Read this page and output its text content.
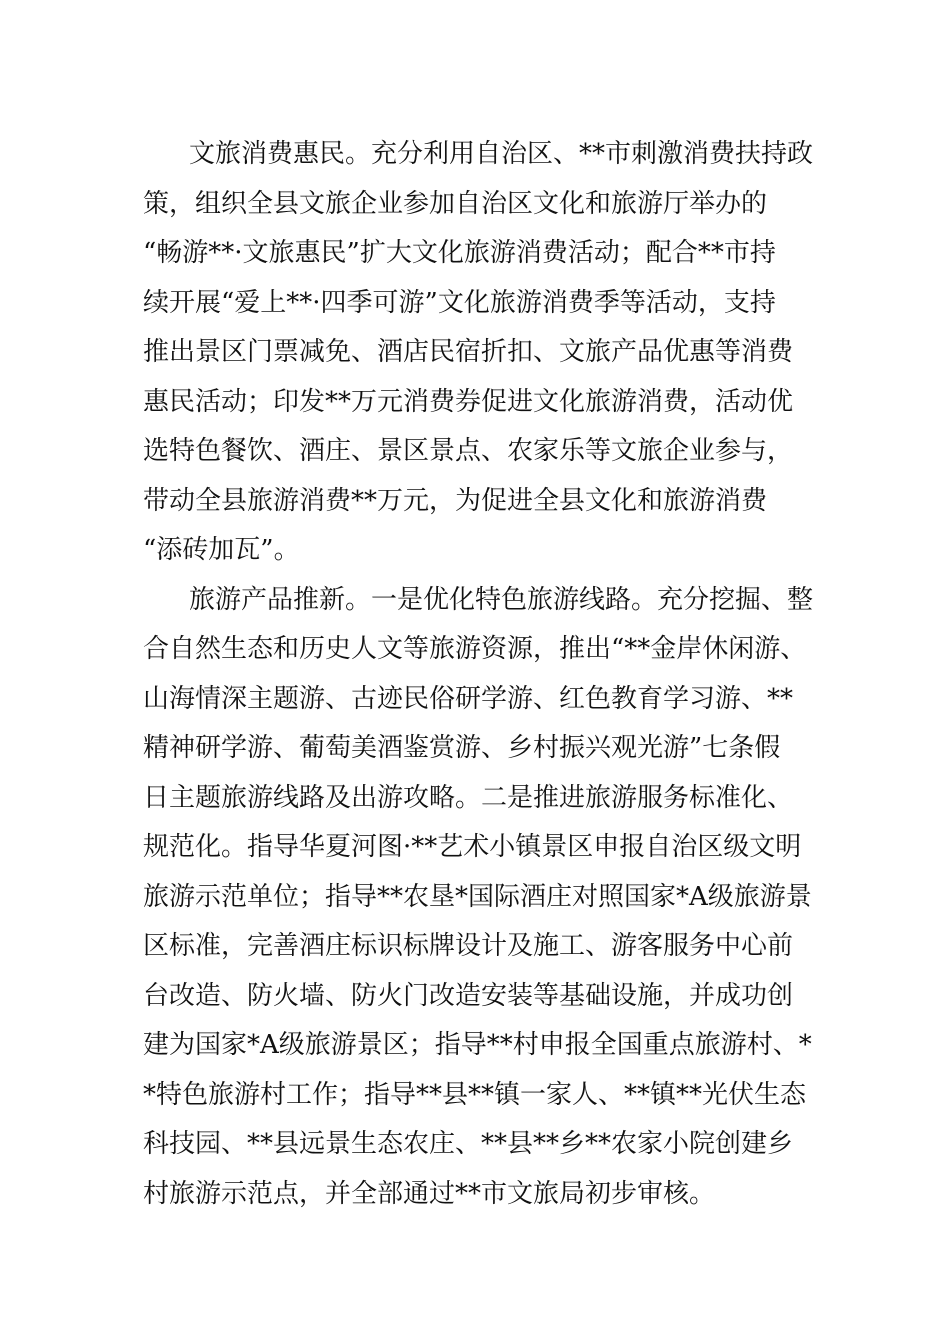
文旅消费惠民。充分利用自治区、**市刺激消费扶持政
策，组织全县文旅企业参加自治区文化和旅游厅举办的
“畅游**·文旅惠民”扩大文化旅游消费活动；配合**市持
续开展“爱上**·四季可游”文化旅游消费季等活动，支持
推出景区门票减免、酒店民宿折扣、文旅产品优惠等消费
惠民活动；印发**万元消费券促进文化旅游消费，活动优
选特色餐饮、酒庄、景区景点、农家乐等文旅企业参与，
带动全县旅游消费**万元，为促进全县文化和旅游消费
“添砖加瓦”。
旅游产品推新。一是优化特色旅游线路。充分挖掘、整
合自然生态和历史人文等旅游资源，推出“**金岸休闲游、
山海情深主题游、古迹民俗研学游、红色教育学习游、**
精神研学游、葡萄美酒鉴赏游、乡村振兴观光游”七条假
日主题旅游线路及出游攻略。二是推进旅游服务标准化、
规范化。指导华夏河图·**艺术小镇景区申报自治区级文明
旅游示范单位；指导**农垦*国际酒庄对照国家*A级旅游景
区标准，完善酒庄标识标牌设计及施工、游客服务中心前
台改造、防火墙、防火门改造安装等基础设施，并成功创
建为国家*A级旅游景区；指导**村申报全国重点旅游村、*
*特色旅游村工作；指导**县**镇一家人、**镇**光伏生态
科技园、**县远景生态农庄、**县**乡**农家小院创建乡
村旅游示范点，并全部通过**市文旅局初步审核。
